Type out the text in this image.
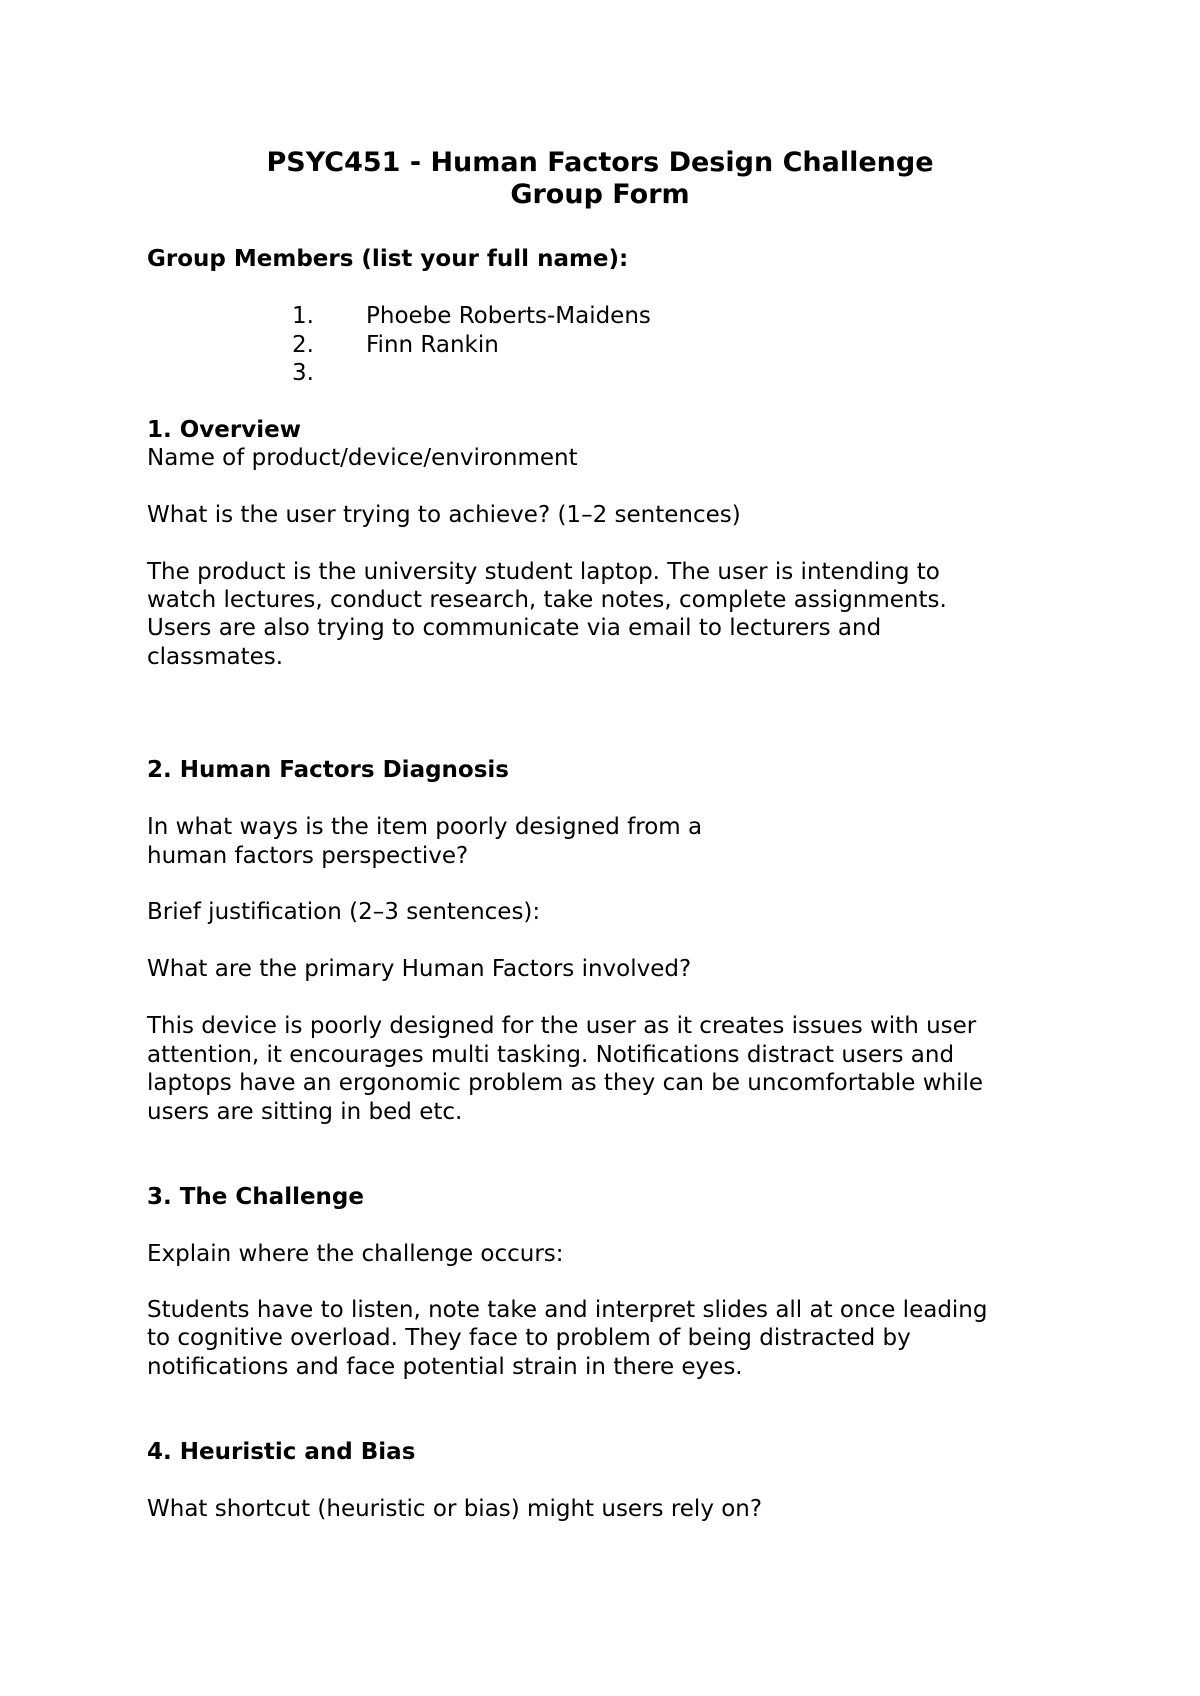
PSYC451 - Human Factors Design Challenge

Group Form

Group Members (list your full name):

1. Phoebe Roberts-Maidens
2. Finn Rankin
3.

1. Overview

Name of product/device/environment

What is the user trying to achieve? (1–2 sentences)

The product is the university student laptop. The user is intending to

watch lectures, conduct research, take notes, complete assignments.

Users are also trying to communicate via email to lecturers and

classmates.

2. Human Factors Diagnosis

In what ways is the item poorly designed from a

human factors perspective?

Brief justification (2–3 sentences):

What are the primary Human Factors involved?

This device is poorly designed for the user as it creates issues with user

attention, it encourages multi tasking. Notifications distract users and

laptops have an ergonomic problem as they can be uncomfortable while

users are sitting in bed etc.

3. The Challenge

Explain where the challenge occurs:

Students have to listen, note take and interpret slides all at once leading

to cognitive overload. They face to problem of being distracted by

notifications and face potential strain in there eyes.

4. Heuristic and Bias

What shortcut (heuristic or bias) might users rely on?
